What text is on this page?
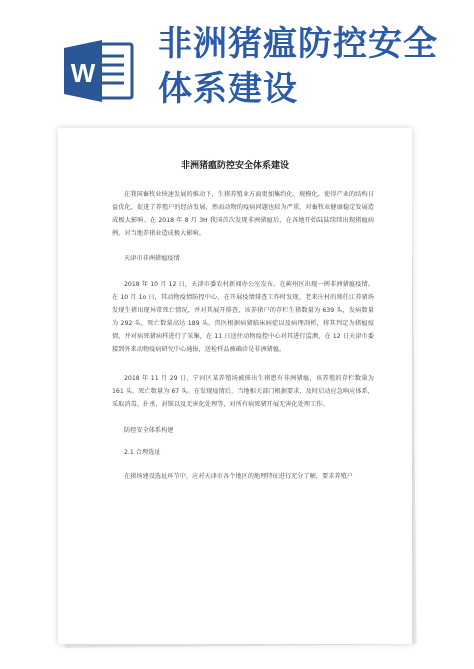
W
非洲猪瘟防控安全体系建设
非洲猪瘟防控安全体系建设
在我国畜牧业快速发展的推动下，生猪养殖业方面更加集约化、规模化，使得产业的结构日益优化，促进了养殖户的经济发展，然而动物的疫病问题也较为严重，对畜牧业健康稳定发展造成极大影响。在 2018 年 8 月 3H 我国首次发现非洲猪瘟后，在各地开始陆陆续续出现猪瘟病例，对当地养猪业造成极大影响。
天津市非洲猪瘟疫情
2018 年 10 月 12 日，天津市委农村新闻办公室发布，在蓟州区出现一例非洲猪瘟疫情。在 10 月 1o 日，其动物疫情防控中心，在开展疫情排查工作时发现，老来庄村的郑任江养猪场发现生猪出现异常死亡情况，并对其展开排查，该养猪户的存栏生猪数量为 639 头，发病数量为 292 头，死亡数量高达 189 头。兽医根据病猪临床病症以及病理剖析，将其判定为猪瘟疫情，并对病死猪病样进行了采集，在 11 日送往动物疫控中心对其进行监测，在 12 日天津市委接到外来动物疫病研究中心通报，送检样品被确诊是非洲猪瘟。
2018 年 11 月 29 日，宁河区某养殖场被排出生猪患有非洲猪瘟，该养殖的存栏数量为 161 头，死亡数量为 67 头。在发现疫情后，当地相关部门根据要求，及时启动应急响应体系，采取消毒、扑杀、封锁以及无害化处理等，对所有病死猪开展无害化处理工作。
防控安全体系构建
2.1 合理选址
在猪场建设选址环节中，应对天津市各个地区的地理特征进行充分了解，要求养殖户
